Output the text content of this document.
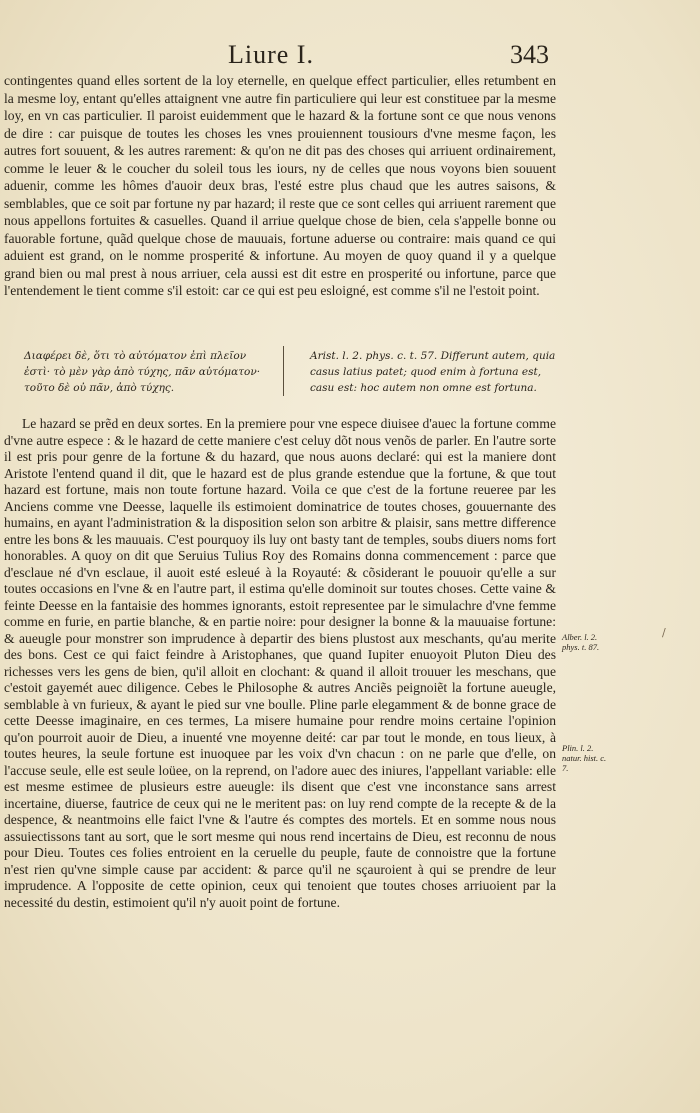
Liure I.	343

contingentes quand elles sortent de la loy eternelle, en quelque effect particulier, elles retumbent en la mesme loy, entant qu'elles attaignent vne autre fin particuliere qui leur est constituee par la mesme loy, en vn cas particulier. Il paroist euidemment que le hazard & la fortune sont ce que nous venons de dire : car puisque de toutes les choses les vnes prouiennent tousiours d'vne mesme façon, les autres fort souuent, & les autres rarement: & qu'on ne dit pas des choses qui arriuent ordinairement, comme le leuer & le coucher du soleil tous les iours, ny de celles que nous voyons bien souuent aduenir, comme les hômes d'auoir deux bras, l'esté estre plus chaud que les autres saisons, & semblables, que ce soit par fortune ny par hazard; il reste que ce sont celles qui arriuent rarement que nous appellons fortuites & casuelles. Quand il arriue quelque chose de bien, cela s'appelle bonne ou fauorable fortune, quãd quelque chose de mauuais, fortune aduerse ou contraire: mais quand ce qui aduient est grand, on le nomme prosperité & infortune. Au moyen de quoy quand il y a quelque grand bien ou mal prest à nous arriuer, cela aussi est dit estre en prosperité ou infortune, parce que l'entendement le tient comme s'il estoit: car ce qui est peu esloigné, est comme s'il ne l'estoit point.

Διαφέρει δὲ, ὅτι τὸ αὐτόματον ἐπὶ πλεῖον ἐστὶ· τὸ μὲν γὰρ ἀπὸ τύχης, πᾶν αὐτόματον· τοῦτο δὲ οὐ πᾶν, ἀπὸ τύχης.
Arist. l. 2. phys. c. t. 57. Differunt autem, quia casus latius patet; quod enim à fortuna est, casu est: hoc autem non omne est fortuna.

Le hazard se prẽd en deux sortes. En la premiere pour vne espece diuisee d'auec la fortune comme d'vne autre espece : & le hazard de cette maniere c'est celuy dõt nous venõs de parler. En l'autre sorte il est pris pour genre de la fortune & du hazard, que nous auons declaré: qui est la maniere dont Aristote l'entend quand il dit, que le hazard est de plus grande estendue que la fortune, & que tout hazard est fortune, mais non toute fortune hazard. Voila ce que c'est de la fortune reueree par les Anciens comme vne Deesse, laquelle ils estimoient dominatrice de toutes choses, gouuernante des humains, en ayant l'administration & la disposition selon son arbitre & plaisir, sans mettre difference entre les bons & les mauuais. C'est pourquoy ils luy ont basty tant de temples, soubs diuers noms fort honorables. A quoy on dit que Seruius Tulius Roy des Romains donna commencement : parce que d'esclaue né d'vn esclaue, il auoit esté esleué à la Royauté: & cõsiderant le pouuoir qu'elle a sur toutes occasions en l'vne & en l'autre part, il estima qu'elle dominoit sur toutes choses. Cette vaine & feinte Deesse en la fantaisie des hommes ignorants, estoit representee par le simulachre d'vne femme comme en furie, en partie blanche, & en partie noire: pour designer la bonne & la mauuaise fortune: & aueugle pour monstrer son imprudence à departir des biens plustost aux meschants, qu'au merite des bons. Cest ce qui faict feindre à Aristophanes, que quand Iupiter enuoyoit Pluton Dieu des richesses vers les gens de bien, qu'il alloit en clochant: & quand il alloit trouuer les meschans, que c'estoit gayemét auec diligence. Cebes le Philosophe & autres Anciẽs peignoiẽt la fortune aueugle, semblable à vn furieux, & ayant le pied sur vne boulle. Pline parle elegamment & de bonne grace de cette Deesse imaginaire, en ces termes, La misere humaine pour rendre moins certaine l'opinion qu'on pourroit auoir de Dieu, a inuenté vne moyenne deité: car par tout le monde, en tous lieux, à toutes heures, la seule fortune est inuoquee par les voix d'vn chacun : on ne parle que d'elle, on l'accuse seule, elle est seule loüee, on la reprend, on l'adore auec des iniures, l'appellant variable: elle est mesme estimee de plusieurs estre aueugle: ils disent que c'est vne inconstance sans arrest incertaine, diuerse, fautrice de ceux qui ne le meritent pas: on luy rend compte de la recepte & de la despence, & neantmoins elle faict l'vne & l'autre és comptes des mortels. Et en somme nous nous assuiectissons tant au sort, que le sort mesme qui nous rend incertains de Dieu, est reconnu de nous pour Dieu. Toutes ces folies entroient en la ceruelle du peuple, faute de connoistre que la fortune n'est rien qu'vne simple cause par accident: & parce qu'il ne sçauroient à qui se prendre de leur imprudence. A l'opposite de cette opinion, ceux qui tenoient que toutes choses arriuoient par la necessité du destin, estimoient qu'il n'y auoit point de fortune.

Alber. l. 2. phys. t. 87.
Plin. l. 2. natur. hist. c. 7.
/
